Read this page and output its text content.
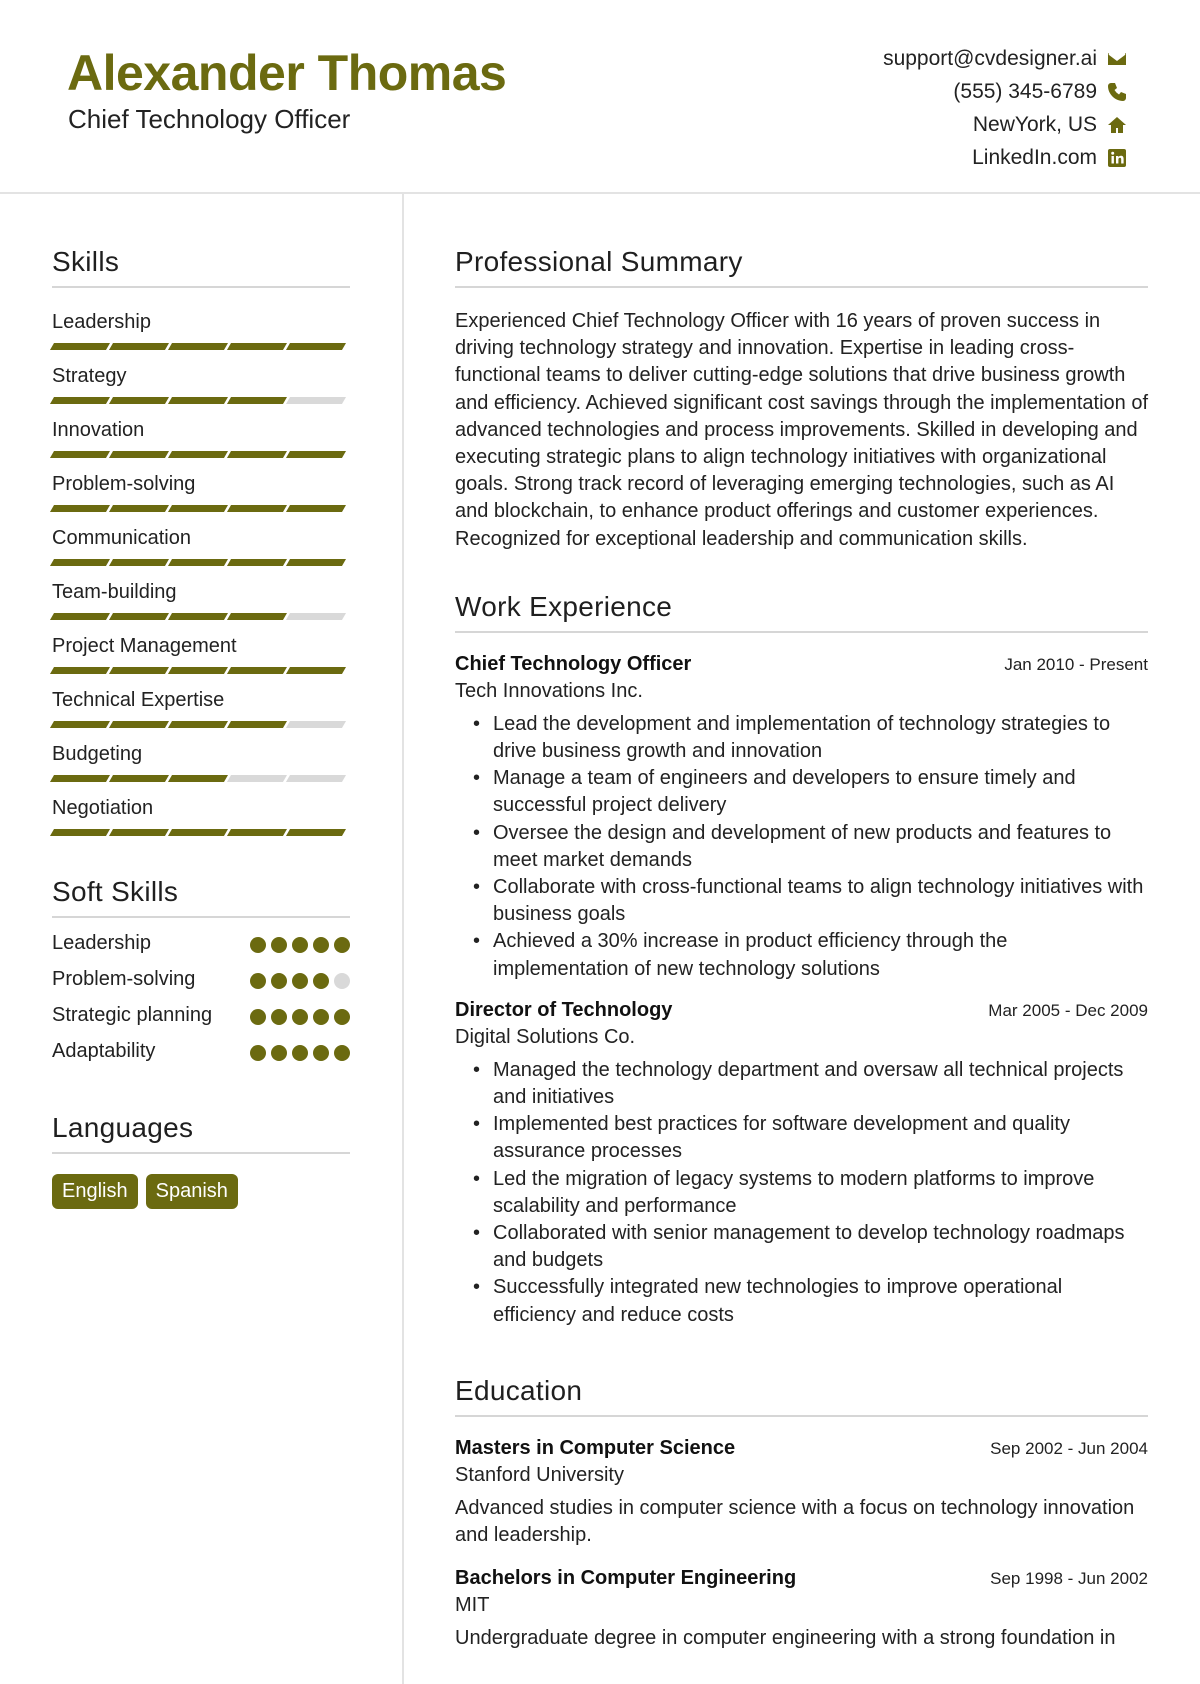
Alexander Thomas
Chief Technology Officer
support@cvdesigner.ai
(555) 345-6789
NewYork, US
LinkedIn.com
Skills
Leadership
Strategy
Innovation
Problem-solving
Communication
Team-building
Project Management
Technical Expertise
Budgeting
Negotiation
Soft Skills
Leadership
Problem-solving
Strategic planning
Adaptability
Languages
English	Spanish
Professional Summary

Experienced Chief Technology Officer with 16 years of proven success in driving technology strategy and innovation. Expertise in leading cross-functional teams to deliver cutting-edge solutions that drive business growth and efficiency. Achieved significant cost savings through the implementation of advanced technologies and process improvements. Skilled in developing and executing strategic plans to align technology initiatives with organizational goals. Strong track record of leveraging emerging technologies, such as AI and blockchain, to enhance product offerings and customer experiences. Recognized for exceptional leadership and communication skills.

Work Experience
Chief Technology Officer	Jan 2010 - Present
Tech Innovations Inc.
• Lead the development and implementation of technology strategies to drive business growth and innovation
• Manage a team of engineers and developers to ensure timely and successful project delivery
• Oversee the design and development of new products and features to meet market demands
• Collaborate with cross-functional teams to align technology initiatives with business goals
• Achieved a 30% increase in product efficiency through the implementation of new technology solutions
Director of Technology	Mar 2005 - Dec 2009
Digital Solutions Co.
• Managed the technology department and oversaw all technical projects and initiatives
• Implemented best practices for software development and quality assurance processes
• Led the migration of legacy systems to modern platforms to improve scalability and performance
• Collaborated with senior management to develop technology roadmaps and budgets
• Successfully integrated new technologies to improve operational efficiency and reduce costs
Education
Masters in Computer Science	Sep 2002 - Jun 2004
Stanford University

Advanced studies in computer science with a focus on technology innovation and leadership.

Bachelors in Computer Engineering	Sep 1998 - Jun 2002
MIT

Undergraduate degree in computer engineering with a strong foundation in
